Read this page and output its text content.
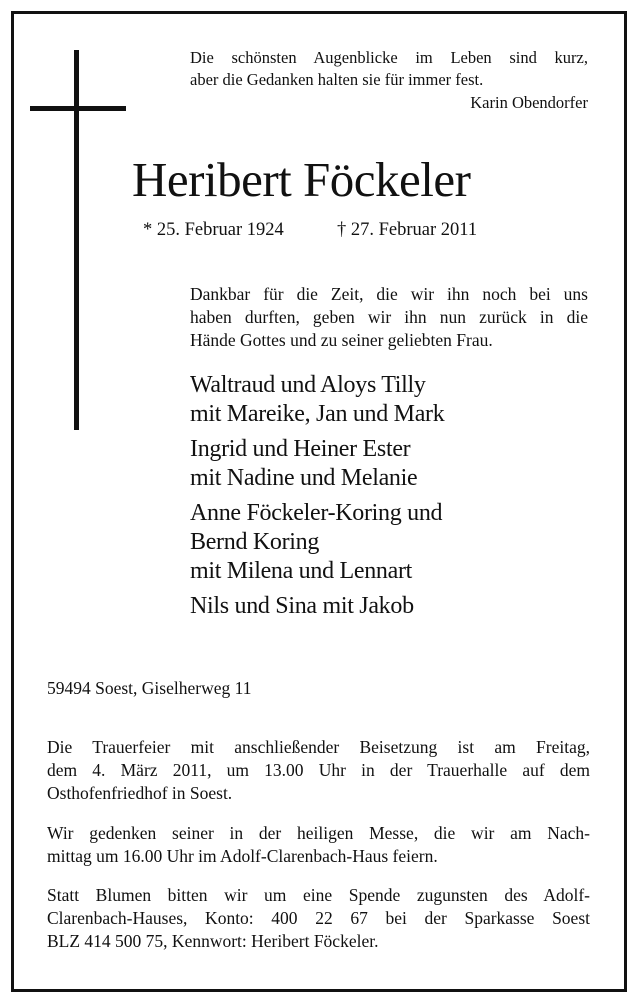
Die schönsten Augenblicke im Leben sind kurz,
aber die Gedanken halten sie für immer fest.
Karin Obendorfer
Heribert Föckeler
* 25. Februar 1924	† 27. Februar 2011
Dankbar für die Zeit, die wir ihn noch bei uns
haben durften, geben wir ihn nun zurück in die
Hände Gottes und zu seiner geliebten Frau.
Waltraud und Aloys Tilly
mit Mareike, Jan und Mark
Ingrid und Heiner Ester
mit Nadine und Melanie
Anne Föckeler-Koring und
Bernd Koring
mit Milena und Lennart
Nils und Sina mit Jakob
59494 Soest, Giselherweg 11
Die Trauerfeier mit anschließender Beisetzung ist am Freitag,
dem 4. März 2011, um 13.00 Uhr in der Trauerhalle auf dem
Osthofenfriedhof in Soest.
Wir gedenken seiner in der heiligen Messe, die wir am Nach-
mittag um 16.00 Uhr im Adolf-Clarenbach-Haus feiern.
Statt Blumen bitten wir um eine Spende zugunsten des Adolf-
Clarenbach-Hauses, Konto: 400 22 67 bei der Sparkasse Soest
BLZ 414 500 75, Kennwort: Heribert Föckeler.
